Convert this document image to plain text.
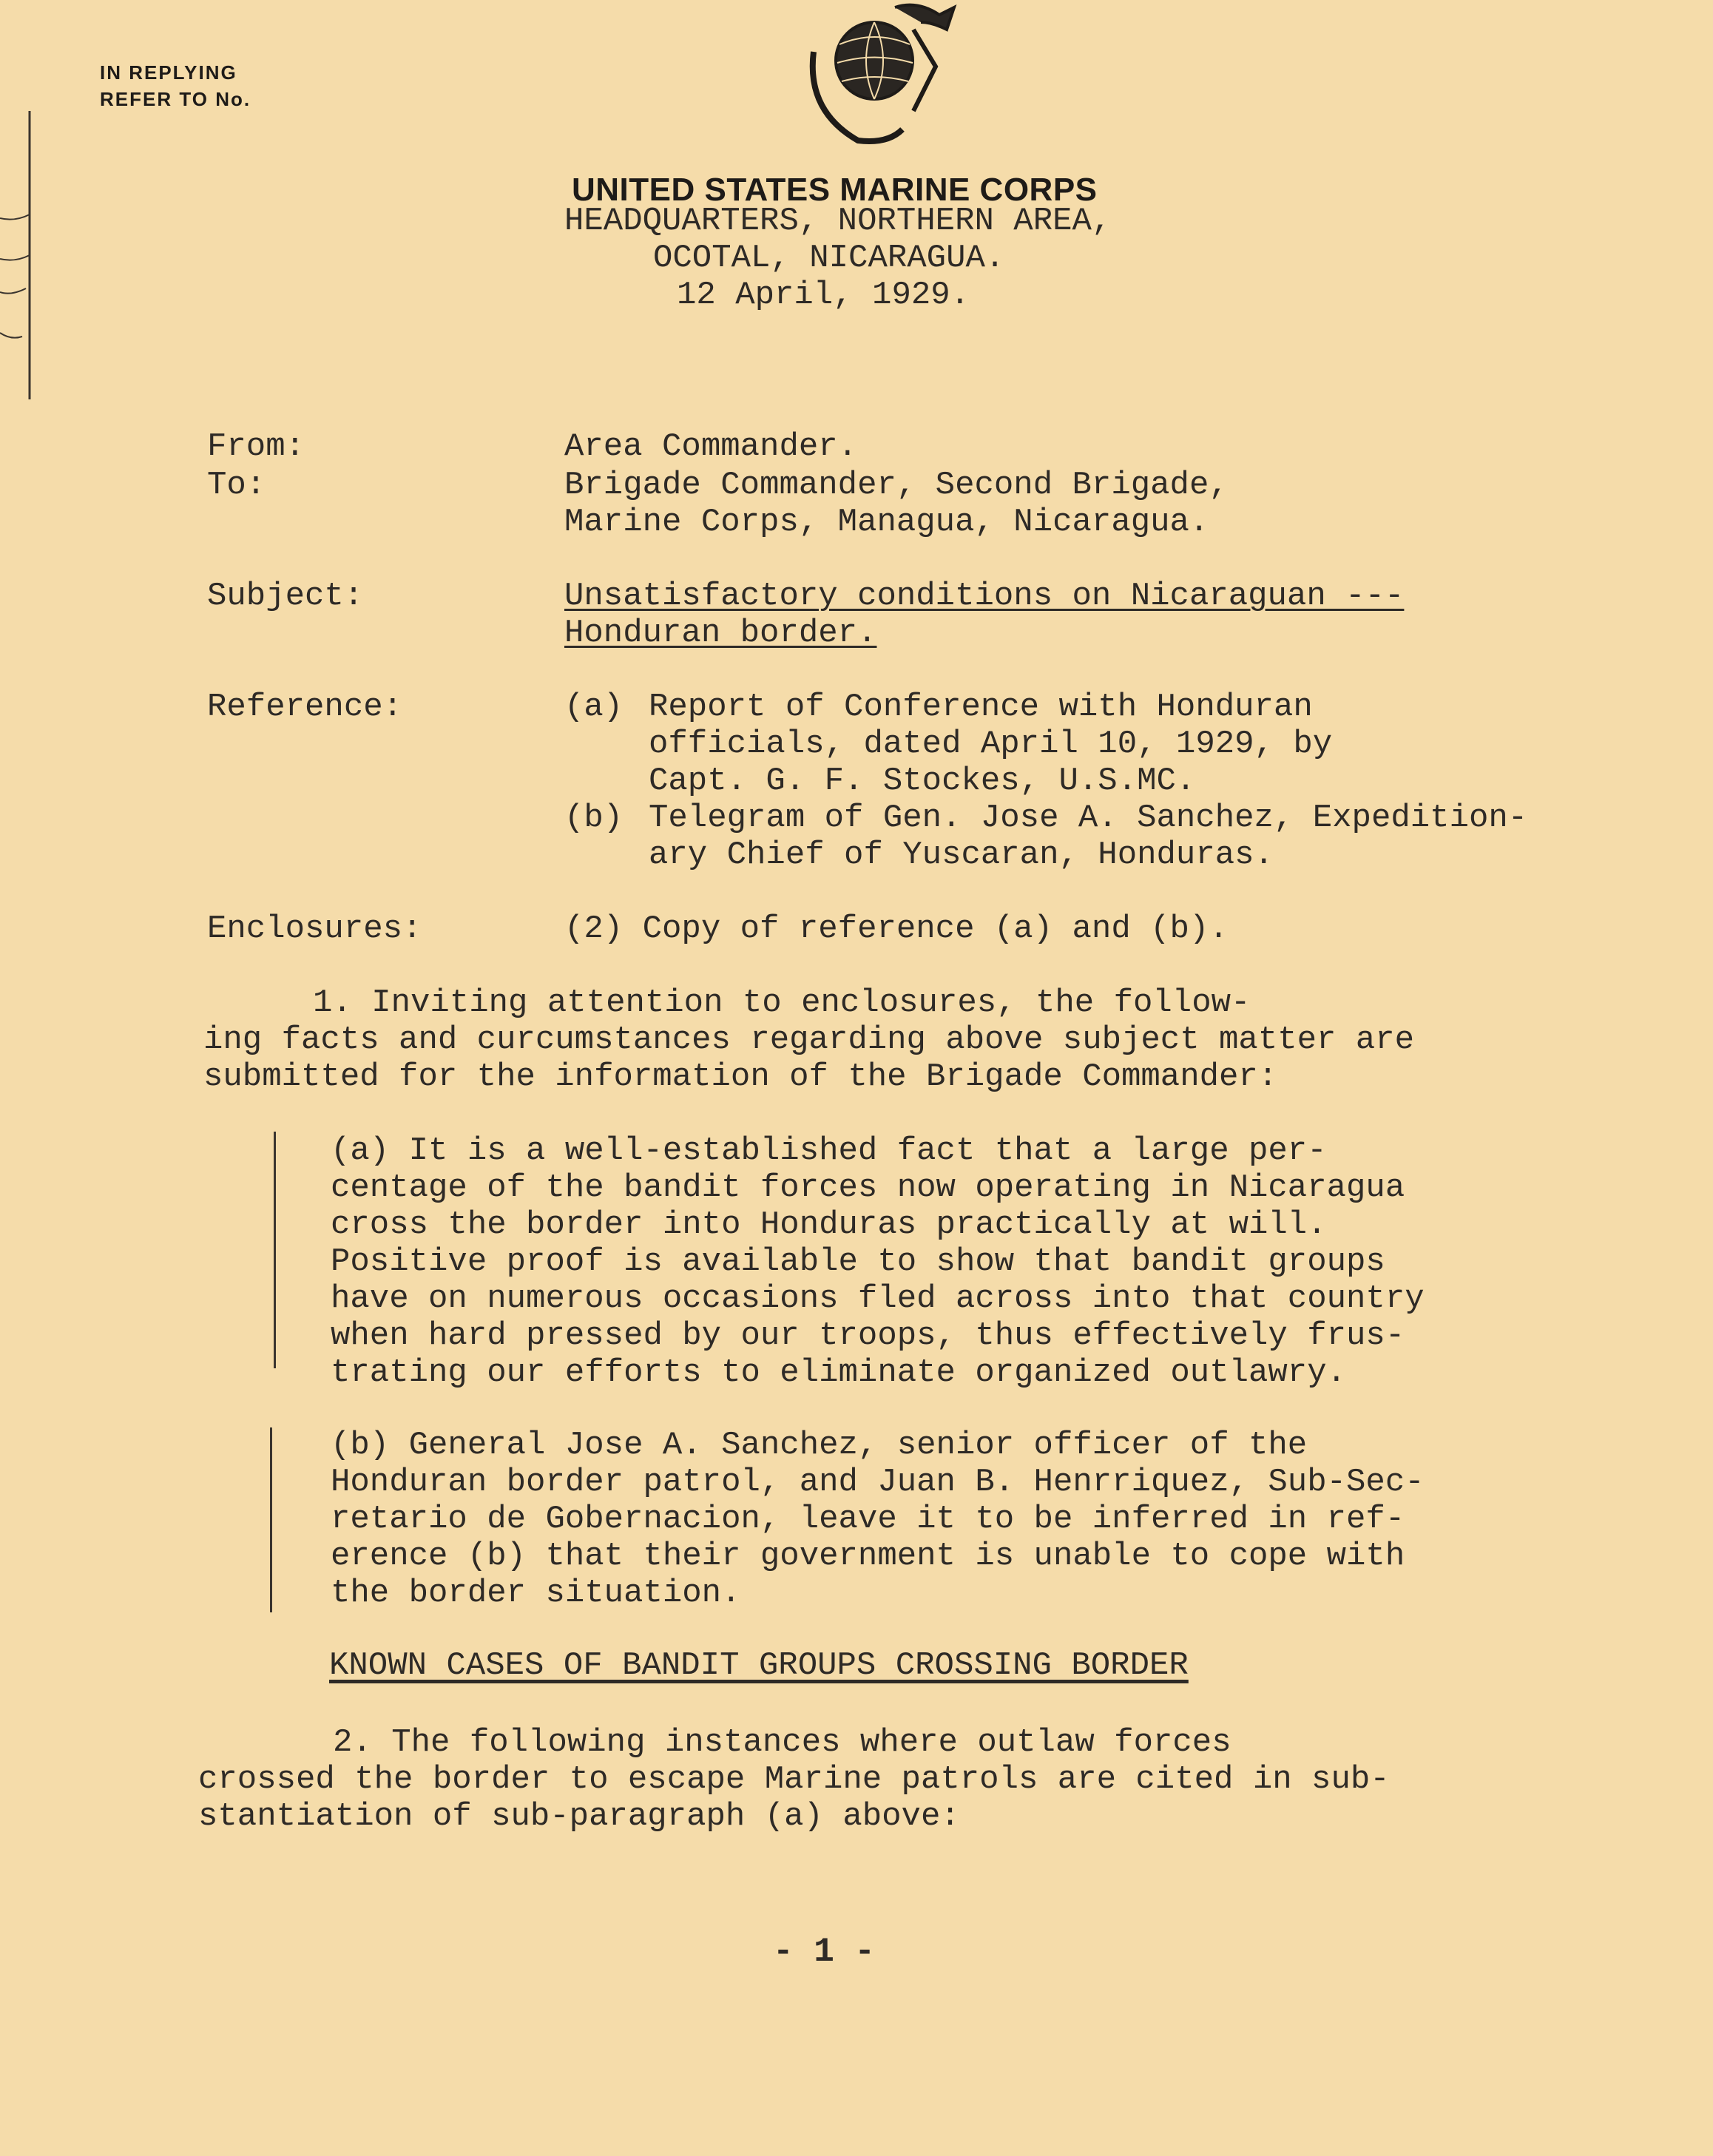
IN REPLYING
REFER TO No.
UNITED STATES MARINE CORPS
HEADQUARTERS, NORTHERN AREA,
OCOTAL, NICARAGUA.
12 April, 1929.
From:	Area Commander.
To:	Brigade Commander, Second Brigade,
Marine Corps, Managua, Nicaragua.
Subject:	Unsatisfactory conditions on Nicaraguan ---
Honduran border.
Reference:	(a) Report of Conference with Honduran
officials, dated April 10, 1929, by
Capt. G. F. Stockes, U.S.MC.
(b) Telegram of Gen. Jose A. Sanchez, Expedition-
ary Chief of Yuscaran, Honduras.
Enclosures:	(2) Copy of reference (a) and (b).
1. Inviting attention to enclosures, the follow-
ing facts and curcumstances regarding above subject matter are
submitted for the information of the Brigade Commander:
(a) It is a well-established fact that a large per-
centage of the bandit forces now operating in Nicaragua
cross the border into Honduras practically at will.
Positive proof is available to show that bandit groups
have on numerous occasions fled across into that country
when hard pressed by our troops, thus effectively frus-
trating our efforts to eliminate organized outlawry.
(b) General Jose A. Sanchez, senior officer of the
Honduran border patrol, and Juan B. Henrriquez, Sub-Sec-
retario de Gobernacion, leave it to be inferred in ref-
erence (b) that their government is unable to cope with
the border situation.
KNOWN CASES OF BANDIT GROUPS CROSSING BORDER
2. The following instances where outlaw forces
crossed the border to escape Marine patrols are cited in sub-
stantiation of sub-paragraph (a) above:
- 1 -
